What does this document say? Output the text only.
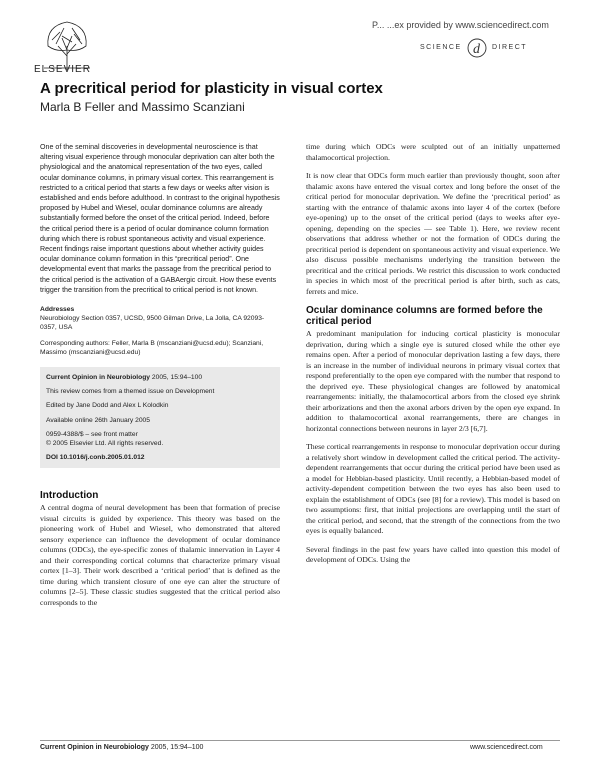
ELSEVIER
P... ...ex provided by www.sciencedirect.com
SCIENCE d DIRECT
A precritical period for plasticity in visual cortex
Marla B Feller and Massimo Scanziani

One of the seminal discoveries in developmental neuroscience is that altering visual experience through monocular deprivation can alter both the physiological and the anatomical representation of the two eyes, called ocular dominance columns, in primary visual cortex. This rearrangement is restricted to a critical period that starts a few days or weeks after vision is established and ends before adulthood. In contrast to the original hypothesis proposed by Hubel and Wiesel, ocular dominance columns are already substantially formed before the onset of the critical period. Indeed, before the critical period there is a period of ocular dominance column formation during which there is robust spontaneous activity and visual experience. Recent findings raise important questions about whether activity guides ocular dominance column formation in this “precritical period”. One developmental event that marks the passage from the precritical period to the critical period is the activation of a GABAergic circuit. How these events trigger the transition from the precritical to critical period is not known.

Addresses

Neurobiology Section 0357, UCSD, 9500 Gilman Drive, La Jolla, CA 92093-0357, USA

Corresponding authors: Feller, Marla B (mscanziani@ucsd.edu); Scanziani, Massimo (mscanziani@ucsd.edu)

Current Opinion in Neurobiology 2005, 15:94–100

This review comes from a themed issue on Development

Edited by Jane Dodd and Alex L Kolodkin

Available online 26th January 2005

0959-4388/$ – see front matter

© 2005 Elsevier Ltd. All rights reserved.

DOI 10.1016/j.conb.2005.01.012

Introduction

A central dogma of neural development has been that formation of precise visual circuits is guided by experience. This theory was based on the pioneering work of Hubel and Wiesel, who demonstrated that altered sensory experience can influence the development of ocular dominance columns (ODCs), the eye-specific zones of thalamic innervation in Layer 4 and their corresponding cortical columns that characterize primary visual cortex [1–3]. Their work described a ‘critical period’ that is defined as the time during which transient closure of one eye can alter the structure of columns [2–5]. These classic studies suggested that the critical period also corresponds to the

time during which ODCs were sculpted out of an initially unpatterned thalamocortical projection.

It is now clear that ODCs form much earlier than previously thought, soon after thalamic axons have entered the visual cortex and long before the onset of the critical period for monocular deprivation. We define the ‘precritical period’ as starting with the entrance of thalamic axons into layer 4 of the cortex (before eye-opening) up to the onset of the critical period (days to weeks after eye-opening, depending on the species — see Table 1). Here, we review recent observations that address whether or not the formation of ODCs during the precritical period is dependent on spontaneous activity and visual experience. We also discuss possible mechanisms underlying the transition between the precritical and the critical periods. We restrict this discussion to work conducted in species in which most of the precritical period is after birth, such as cats, ferrets and mice.

Ocular dominance columns are formed before the critical period

A predominant manipulation for inducing cortical plasticity is monocular deprivation, during which a single eye is sutured closed while the other eye remains open. After a period of monocular deprivation lasting a few days, there is an increase in the number of individual neurons in primary visual cortex that respond preferentially to the open eye compared with the number that respond to the deprived eye. These physiological changes are followed by anatomical rearrangements: initially, the thalamocortical arbors from the closed eye shrink their arborizations and then the axonal arbors driven by the open eye expand. In addition to thalamocortical axonal rearrangements, there are changes in horizontal connections between neurons in layer 2/3 [6,7].

These cortical rearrangements in response to monocular deprivation occur during a relatively short window in development called the critical period. The activity-dependent rearrangements that occur during the critical period have been used as a model for Hebbian-based plasticity. Until recently, a Hebbian-based model of activity-dependent competition between the two eyes has also been used to explain the establishment of ODCs (see [8] for a review). This model is based on two assumptions: first, that initial projections are overlapping until the start of the critical period, and second, that the strength of the connections from the two eyes is equally balanced.

Several findings in the past few years have called into question this model of development of ODCs. Using the

Current Opinion in Neurobiology 2005, 15:94–100	www.sciencedirect.com
